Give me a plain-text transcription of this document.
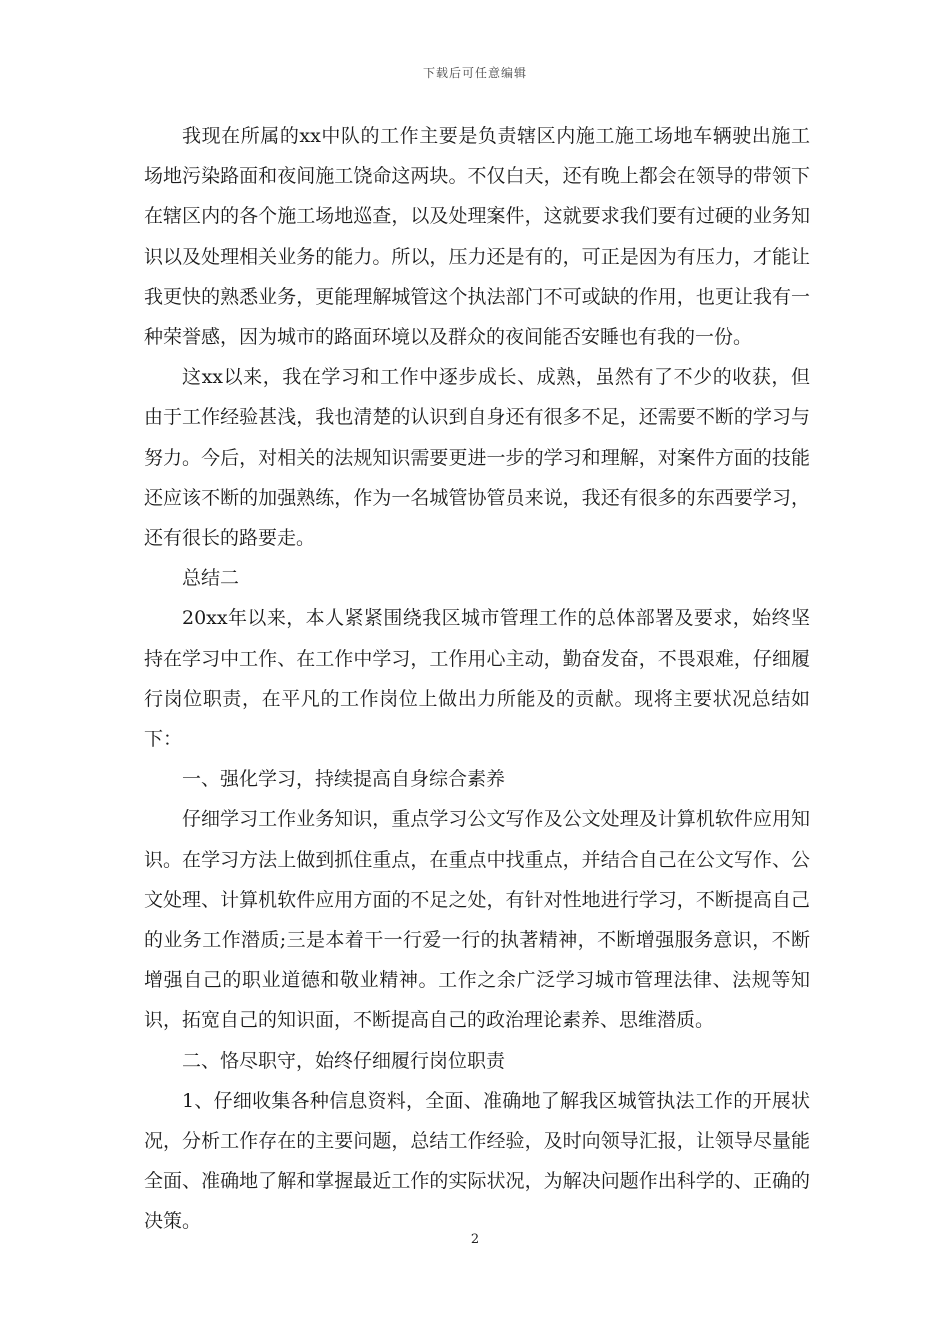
下载后可任意编辑

我现在所属的xx中队的工作主要是负责辖区内施工施工场地车辆驶出施工场地污染路面和夜间施工饶命这两块。不仅白天，还有晚上都会在领导的带领下在辖区内的各个施工场地巡查，以及处理案件，这就要求我们要有过硬的业务知识以及处理相关业务的能力。所以，压力还是有的，可正是因为有压力，才能让我更快的熟悉业务，更能理解城管这个执法部门不可或缺的作用，也更让我有一种荣誉感，因为城市的路面环境以及群众的夜间能否安睡也有我的一份。

这xx以来，我在学习和工作中逐步成长、成熟，虽然有了不少的收获，但由于工作经验甚浅，我也清楚的认识到自身还有很多不足，还需要不断的学习与努力。今后，对相关的法规知识需要更进一步的学习和理解，对案件方面的技能还应该不断的加强熟练，作为一名城管协管员来说，我还有很多的东西要学习，还有很长的路要走。

总结二

20xx年以来，本人紧紧围绕我区城市管理工作的总体部署及要求，始终坚持在学习中工作、在工作中学习，工作用心主动，勤奋发奋，不畏艰难，仔细履行岗位职责，在平凡的工作岗位上做出力所能及的贡献。现将主要状况总结如下：

一、强化学习，持续提高自身综合素养

仔细学习工作业务知识，重点学习公文写作及公文处理及计算机软件应用知识。在学习方法上做到抓住重点，在重点中找重点，并结合自己在公文写作、公文处理、计算机软件应用方面的不足之处，有针对性地进行学习，不断提高自己的业务工作潜质;三是本着干一行爱一行的执著精神，不断增强服务意识，不断增强自己的职业道德和敬业精神。工作之余广泛学习城市管理法律、法规等知识，拓宽自己的知识面，不断提高自己的政治理论素养、思维潜质。

二、恪尽职守，始终仔细履行岗位职责

1、仔细收集各种信息资料，全面、准确地了解我区城管执法工作的开展状况，分析工作存在的主要问题，总结工作经验，及时向领导汇报，让领导尽量能全面、准确地了解和掌握最近工作的实际状况，为解决问题作出科学的、正确的决策。

2
